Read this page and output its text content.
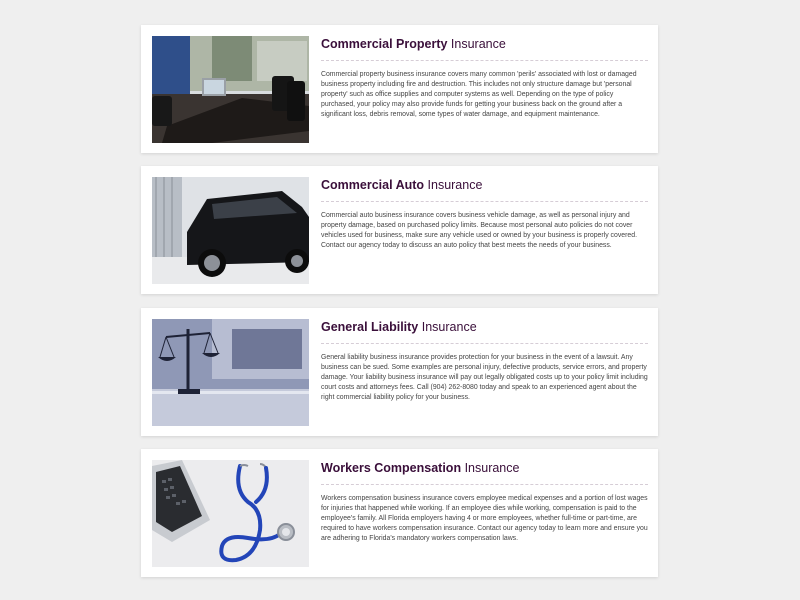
Commercial Property Insurance
Commercial property business insurance covers many common 'perils' associated with lost or damaged business property including fire and destruction. This includes not only structure damage but 'personal property' such as office supplies and computer systems as well. Depending on the type of policy purchased, your policy may also provide funds for getting your business back on the ground after a significant loss, debris removal, some types of water damage, and equipment maintenance.
Commercial Auto Insurance
Commercial auto business insurance covers business vehicle damage, as well as personal injury and property damage, based on purchased policy limits. Because most personal auto policies do not cover vehicles used for business, make sure any vehicle used or owned by your business is properly covered. Contact our agency today to discuss an auto policy that best meets the needs of your business.
General Liability Insurance
General liability business insurance provides protection for your business in the event of a lawsuit. Any business can be sued. Some examples are personal injury, defective products, service errors, and property damage. Your liability business insurance will pay out legally obligated costs up to your policy limit including court costs and attorneys fees. Call (904) 262-8080 today and speak to an experienced agent about the right commercial liability policy for your business.
Workers Compensation Insurance
Workers compensation business insurance covers employee medical expenses and a portion of lost wages for injuries that happened while working. If an employee dies while working, compensation is paid to the employee's family. All Florida employers having 4 or more employees, whether full-time or part-time, are required to have workers compensation insurance. Contact our agency today to learn more and ensure you are adhering to Florida's mandatory workers compensation laws.
